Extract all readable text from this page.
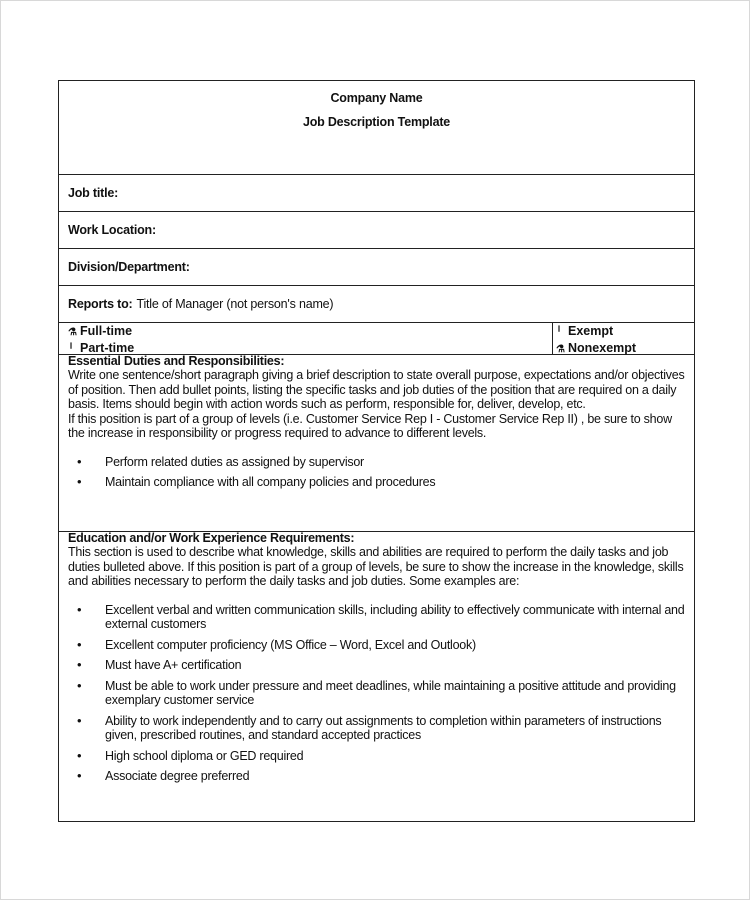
Company Name
Job Description Template
Job title:
Work Location:
Division/Department:
Reports to: Title of Manager (not person's name)
⚗ Full-time
╵ Part-time
╵ Exempt
⚗ Nonexempt
Essential Duties and Responsibilities:

Write one sentence/short paragraph giving a brief description to state overall purpose, expectations and/or objectives of position. Then add bullet points, listing the specific tasks and job duties of the position that are required on a daily basis. Items should begin with action words such as perform, responsible for, deliver, develop, etc.

If this position is part of a group of levels (i.e. Customer Service Rep I - Customer Service Rep II) , be sure to show the increase in responsibility or progress required to advance to different levels.

• Perform related duties as assigned by supervisor
• Maintain compliance with all company policies and procedures
Education and/or Work Experience Requirements:

This section is used to describe what knowledge, skills and abilities are required to perform the daily tasks and job duties bulleted above. If this position is part of a group of levels, be sure to show the increase in the knowledge, skills and abilities necessary to perform the daily tasks and job duties. Some examples are:

• Excellent verbal and written communication skills, including ability to effectively communicate with internal and external customers
• Excellent computer proficiency (MS Office – Word, Excel and Outlook)
• Must have A+ certification
• Must be able to work under pressure and meet deadlines, while maintaining a positive attitude and providing exemplary customer service
• Ability to work independently and to carry out assignments to completion within parameters of instructions given, prescribed routines, and standard accepted practices
• High school diploma or GED required
• Associate degree preferred
